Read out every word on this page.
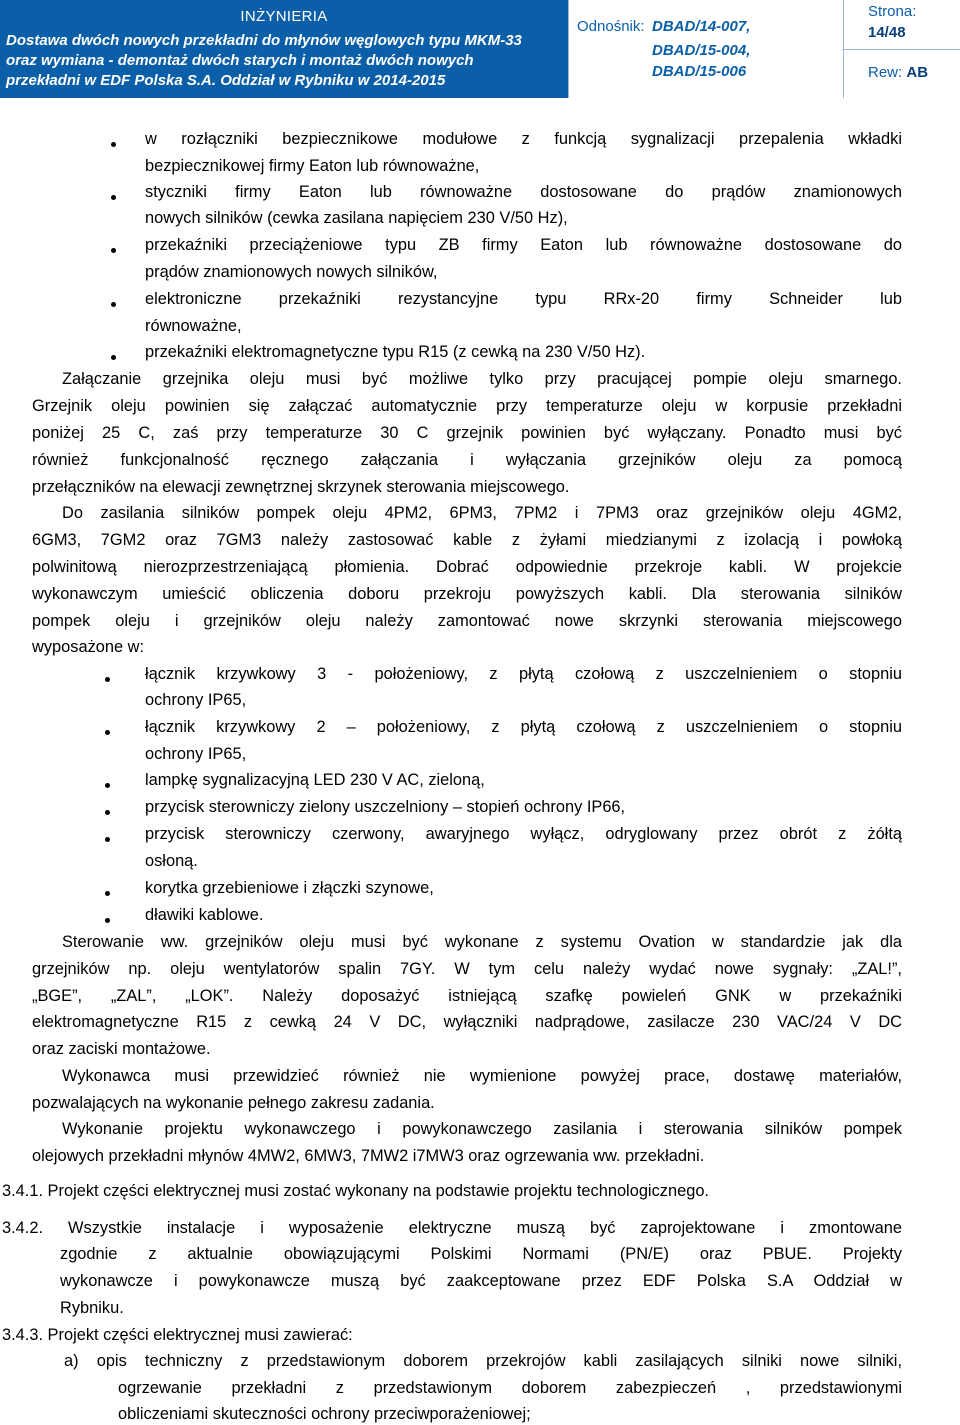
INŻYNIERIA
Dostawa dwóch nowych przekładni do młynów węglowych typu MKM-33
oraz wymiana - demontaż dwóch starych i montaż dwóch nowych
przekładni w EDF Polska S.A. Oddział w Rybniku w 2014-2015
Odnośnik: DBAD/14-007,
DBAD/15-004,
DBAD/15-006
Strona:
14/48
Rew: AB
w rozłączniki bezpiecznikowe modułowe z funkcją sygnalizacji przepalenia wkładki
bezpiecznikowej firmy Eaton lub równoważne,
styczniki firmy Eaton lub równoważne dostosowane do prądów znamionowych
nowych silników (cewka zasilana napięciem 230 V/50 Hz),
przekaźniki przeciążeniowe typu ZB firmy Eaton lub równoważne dostosowane do
prądów znamionowych nowych silników,
elektroniczne przekaźniki rezystancyjne typu RRx-20 firmy Schneider lub
równoważne,
przekaźniki elektromagnetyczne typu R15 (z cewką na 230 V/50 Hz).
Załączanie grzejnika oleju musi być możliwe tylko przy pracującej pompie oleju smarnego.
Grzejnik oleju powinien się załączać automatycznie przy temperaturze oleju w korpusie przekładni
poniżej 25 C, zaś przy temperaturze 30 C grzejnik powinien być wyłączany. Ponadto musi być
również funkcjonalność ręcznego załączania i wyłączania grzejników oleju za pomocą
przełączników na elewacji zewnętrznej skrzynek sterowania miejscowego.
Do zasilania silników pompek oleju 4PM2, 6PM3, 7PM2 i 7PM3 oraz grzejników oleju 4GM2,
6GM3, 7GM2 oraz 7GM3 należy zastosować kable z żyłami miedzianymi z izolacją i powłoką
polwinitową nierozprzestrzeniającą płomienia. Dobrać odpowiednie przekroje kabli. W projekcie
wykonawczym umieścić obliczenia doboru przekroju powyższych kabli. Dla sterowania silników
pompek oleju i grzejników oleju należy zamontować nowe skrzynki sterowania miejscowego
wyposażone w:
łącznik krzywkowy 3 - położeniowy, z płytą czołową z uszczelnieniem o stopniu
ochrony IP65,
łącznik krzywkowy 2 – położeniowy, z płytą czołową z uszczelnieniem o stopniu
ochrony IP65,
lampkę sygnalizacyjną LED 230 V AC, zieloną,
przycisk sterowniczy zielony uszczelniony – stopień ochrony IP66,
przycisk sterowniczy czerwony, awaryjnego wyłącz, odryglowany przez obrót z żółtą
osłoną.
korytka grzebieniowe i złączki szynowe,
dławiki kablowe.
Sterowanie ww. grzejników oleju musi być wykonane z systemu Ovation w standardzie jak dla
grzejników np. oleju wentylatorów spalin 7GY. W tym celu należy wydać nowe sygnały: „ZAL!”,
„BGE”, „ZAL”, „LOK”. Należy doposażyć istniejącą szafkę powieleń GNK w przekaźniki
elektromagnetyczne R15 z cewką 24 V DC, wyłączniki nadprądowe, zasilacze 230 VAC/24 V DC
oraz zaciski montażowe.
Wykonawca musi przewidzieć również nie wymienione powyżej prace, dostawę materiałów,
pozwalających na wykonanie pełnego zakresu zadania.
Wykonanie projektu wykonawczego i powykonawczego zasilania i sterowania silników pompek
olejowych przekładni młynów 4MW2, 6MW3, 7MW2 i7MW3 oraz ogrzewania ww. przekładni.
3.4.1. Projekt części elektrycznej musi zostać wykonany na podstawie projektu technologicznego.
3.4.2. Wszystkie instalacje i wyposażenie elektryczne muszą być zaprojektowane i zmontowane
zgodnie z aktualnie obowiązującymi Polskimi Normami (PN/E) oraz PBUE. Projekty
wykonawcze i powykonawcze muszą być zaakceptowane przez EDF Polska S.A Oddział w
Rybniku.
3.4.3. Projekt części elektrycznej musi zawierać:
a) opis techniczny z przedstawionym doborem przekrojów kabli zasilających silniki nowe silniki,
ogrzewanie przekładni z przedstawionym doborem zabezpieczeń , przedstawionymi
obliczeniami skuteczności ochrony przeciwporażeniowej;
